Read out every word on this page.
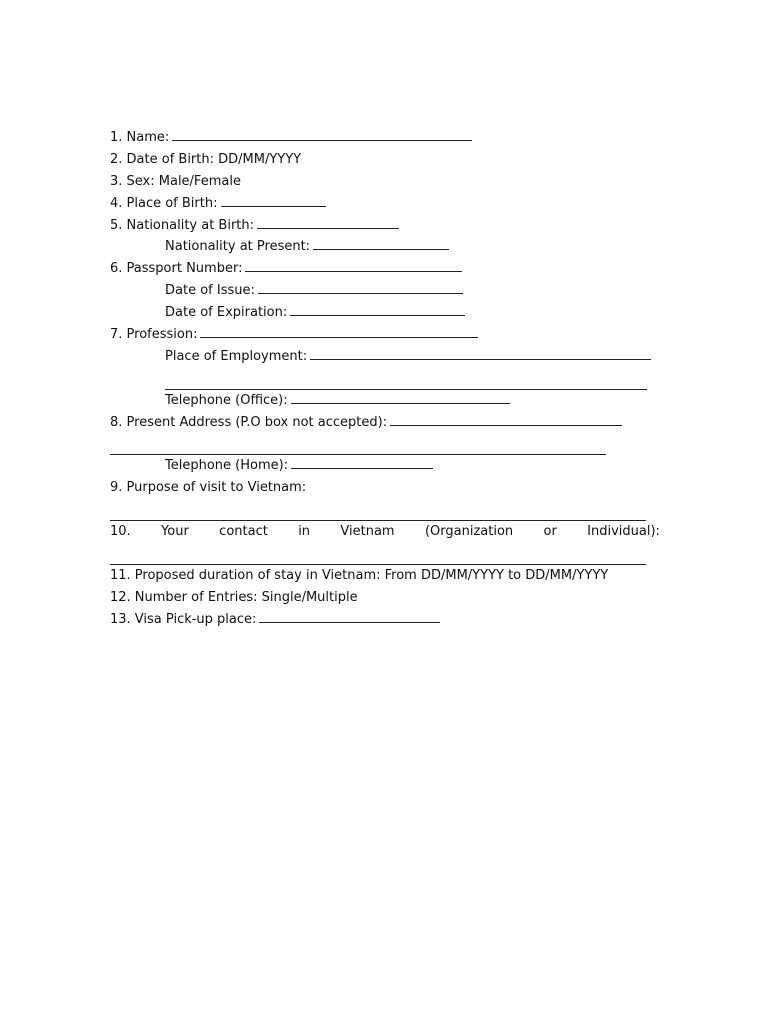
1. Name:
2. Date of Birth: DD/MM/YYYY
3. Sex: Male/Female
4. Place of Birth:
5. Nationality at Birth:
Nationality at Present:
6. Passport Number:
Date of Issue:
Date of Expiration:
7. Profession:
Place of Employment:
Telephone (Office):
8. Present Address (P.O box not accepted):
Telephone (Home):
9. Purpose of visit to Vietnam:
10. Your contact in Vietnam (Organization or Individual):
11. Proposed duration of stay in Vietnam: From DD/MM/YYYY to DD/MM/YYYY
12. Number of Entries: Single/Multiple
13. Visa Pick-up place:
